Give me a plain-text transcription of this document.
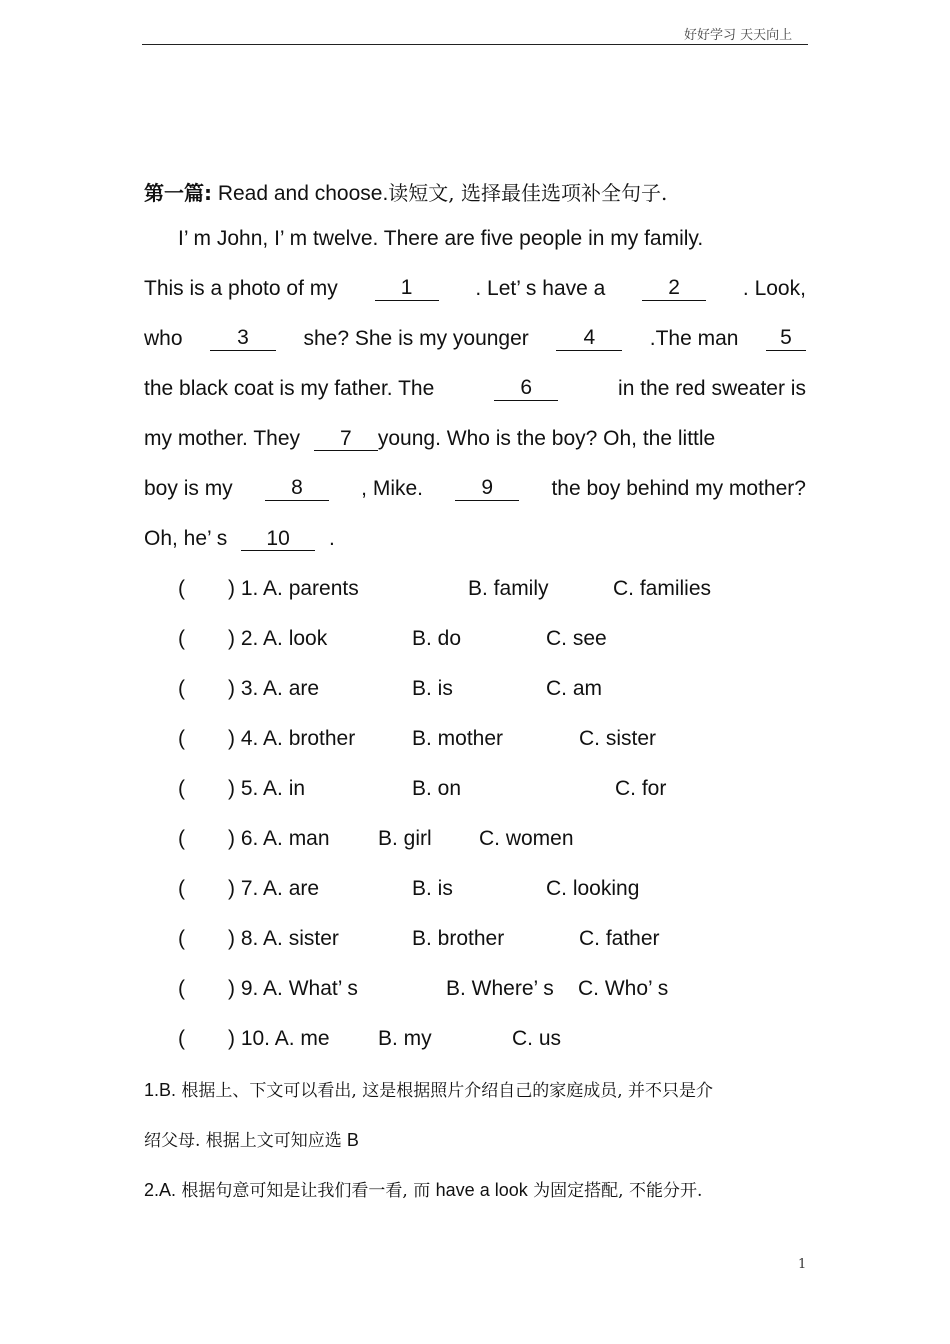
好好学习 天天向上
第一篇: Read and choose.读短文, 选择最佳选项补全句子.
I’ m John, I’ m twelve. There are five people in my family.
This is a photo of my	1	. Let’ s have a	2	. Look,
who	3	she? She is my younger	4	.The man	5
the black coat is my father. The	6	in the red sweater is
my mother. They 7 young. Who is the boy? Oh, the little
boy is my	8	, Mike.	9	the boy behind my mother?
Oh, he’ s 10 .
( ) 1. A. parents	B. family	C. families
( ) 2. A. look	B. do	C. see
( ) 3. A. are	B. is	C. am
( ) 4. A. brother	B. mother	C. sister
( ) 5. A. in	B. on	C. for
( ) 6. A. man B. girl C. women
( ) 7. A. are	B. is	C. looking
( ) 8. A. sister	B. brother	C. father
( ) 9. A. What’ s	B. Where’ s C. Who’ s
( ) 10. A. me B. my	C. us
1.B. 根据上、下文可以看出, 这是根据照片介绍自己的家庭成员, 并不只是介
绍父母. 根据上文可知应选 B
2.A. 根据句意可知是让我们看一看, 而 have a look 为固定搭配, 不能分开.
1
